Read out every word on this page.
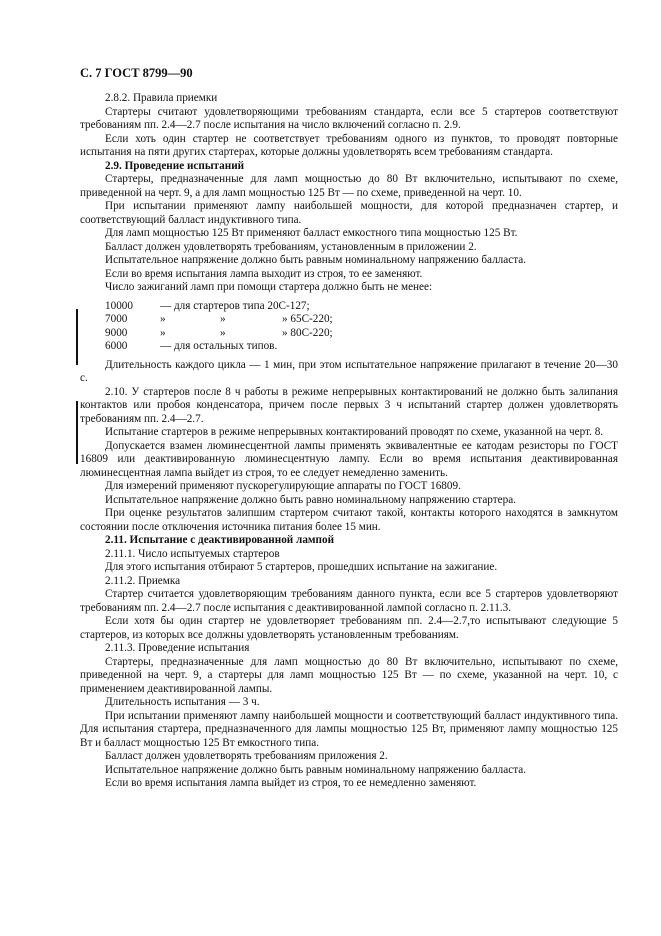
С. 7 ГОСТ 8799—90

2.8.2. Правила приемки

Стартеры считают удовлетворяющими требованиям стандарта, если все 5 стартеров соответствуют требованиям пп. 2.4—2.7 после испытания на число включений согласно п. 2.9.

Если хоть один стартер не соответствует требованиям одного из пунктов, то проводят повторные испытания на пяти других стартерах, которые должны удовлетворять всем требованиям стандарта.

2.9. Проведение испытаний

Стартеры, предназначенные для ламп мощностью до 80 Вт включительно, испытывают по схеме, приведенной на черт. 9, а для ламп мощностью 125 Вт — по схеме, приведенной на черт. 10.

При испытании применяют лампу наибольшей мощности, для которой предназначен стартер, и соответствующий балласт индуктивного типа.

Для ламп мощностью 125 Вт применяют балласт емкостного типа мощностью 125 Вт.

Балласт должен удовлетворять требованиям, установленным в приложении 2.

Испытательное напряжение должно быть равным номинальному напряжению балласта.

Если во время испытания лампа выходит из строя, то ее заменяют.

Число зажиганий ламп при помощи стартера должно быть не менее:

10000	— для стартеров типа 20С-127;
7000	»	»	» 65С-220;
9000	»	»	» 80С-220;
6000	— для остальных типов.

Длительность каждого цикла — 1 мин, при этом испытательное напряжение прилагают в течение 20—30 с.

2.10. У стартеров после 8 ч работы в режиме непрерывных контактирований не должно быть залипания контактов или пробоя конденсатора, причем после первых 3 ч испытаний стартер должен удовлетворять требованиям пп. 2.4—2.7.

Испытание стартеров в режиме непрерывных контактирований проводят по схеме, указанной на черт. 8.

Допускается взамен люминесцентной лампы применять эквивалентные ее катодам резисторы по ГОСТ 16809 или деактивированную люминесцентную лампу. Если во время испытания деактивированная люминесцентная лампа выйдет из строя, то ее следует немедленно заменить.

Для измерений применяют пускорегулирующие аппараты по ГОСТ 16809.

Испытательное напряжение должно быть равно номинальному напряжению стартера.

При оценке результатов залипшим стартером считают такой, контакты которого находятся в замкнутом состоянии после отключения источника питания более 15 мин.

2.11. Испытание с деактивированной лампой

2.11.1. Число испытуемых стартеров

Для этого испытания отбирают 5 стартеров, прошедших испытание на зажигание.

2.11.2. Приемка

Стартер считается удовлетворяющим требованиям данного пункта, если все 5 стартеров удовлетворяют требованиям пп. 2.4—2.7 после испытания с деактивированной лампой согласно п. 2.11.3.

Если хотя бы один стартер не удовлетворяет требованиям пп. 2.4—2.7,то испытывают следующие 5 стартеров, из которых все должны удовлетворять установленным требованиям.

2.11.3. Проведение испытания

Стартеры, предназначенные для ламп мощностью до 80 Вт включительно, испытывают по схеме, приведенной на черт. 9, а стартеры для ламп мощностью 125 Вт — по схеме, указанной на черт. 10, с применением деактивированной лампы.

Длительность испытания — 3 ч.

При испытании применяют лампу наибольшей мощности и соответствующий балласт индуктивного типа. Для испытания стартера, предназначенного для лампы мощностью 125 Вт, применяют лампу мощностью 125 Вт и балласт мощностью 125 Вт емкостного типа.

Балласт должен удовлетворять требованиям приложения 2.

Испытательное напряжение должно быть равным номинальному напряжению балласта.

Если во время испытания лампа выйдет из строя, то ее немедленно заменяют.
